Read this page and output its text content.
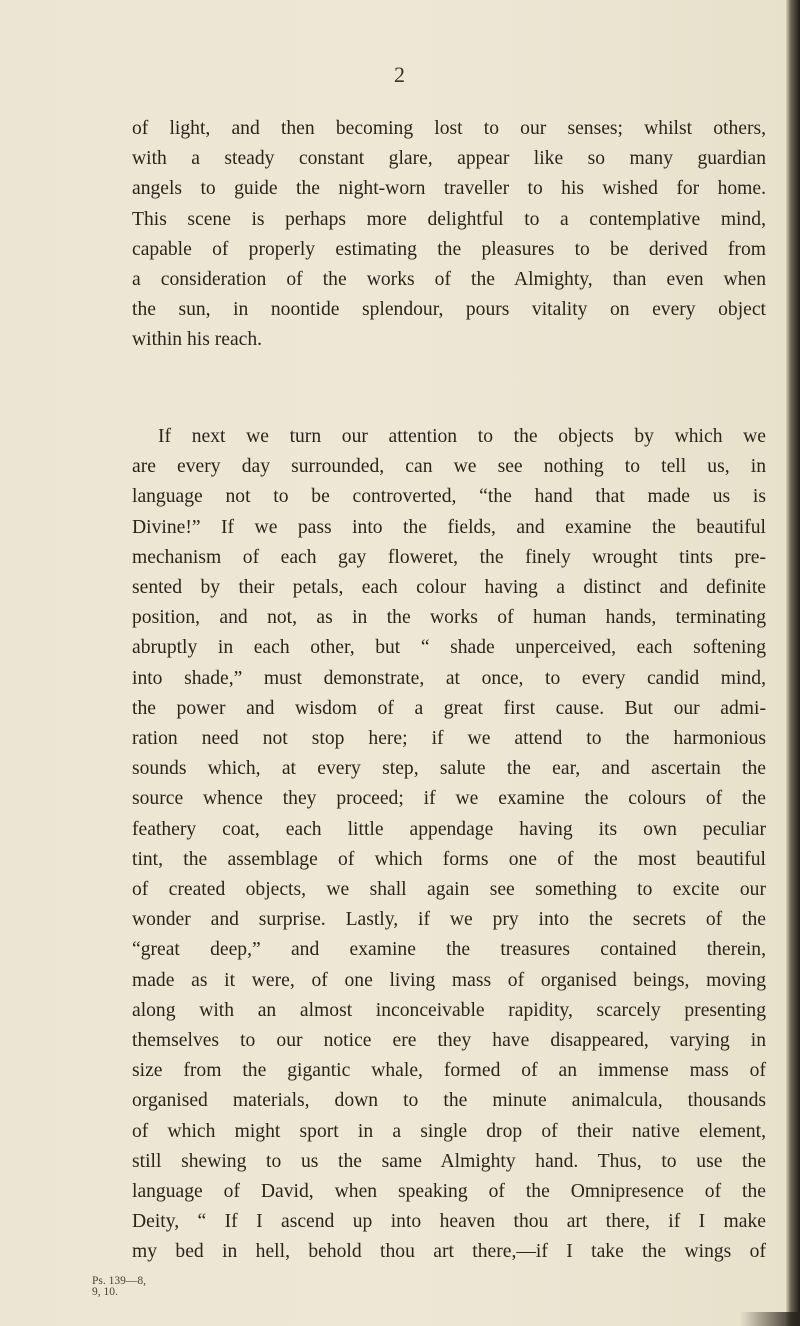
2
of light, and then becoming lost to our senses; whilst others,
with a steady constant glare, appear like so many guardian
angels to guide the night-worn traveller to his wished for home.
This scene is perhaps more delightful to a contemplative mind,
capable of properly estimating the pleasures to be derived from
a consideration of the works of the Almighty, than even when
the sun, in noontide splendour, pours vitality on every object
within his reach.
If next we turn our attention to the objects by which we
are every day surrounded, can we see nothing to tell us, in
language not to be controverted, “the hand that made us is
Divine!” If we pass into the fields, and examine the beautiful
mechanism of each gay floweret, the finely wrought tints pre-
sented by their petals, each colour having a distinct and definite
position, and not, as in the works of human hands, terminating
abruptly in each other, but “ shade unperceived, each softening
into shade,” must demonstrate, at once, to every candid mind,
the power and wisdom of a great first cause. But our admi-
ration need not stop here; if we attend to the harmonious
sounds which, at every step, salute the ear, and ascertain the
source whence they proceed; if we examine the colours of the
feathery coat, each little appendage having its own peculiar
tint, the assemblage of which forms one of the most beautiful
of created objects, we shall again see something to excite our
wonder and surprise. Lastly, if we pry into the secrets of the
“great deep,” and examine the treasures contained therein,
made as it were, of one living mass of organised beings, moving
along with an almost inconceivable rapidity, scarcely presenting
themselves to our notice ere they have disappeared, varying in
size from the gigantic whale, formed of an immense mass of
organised materials, down to the minute animalcula, thousands
of which might sport in a single drop of their native element,
still shewing to us the same Almighty hand. Thus, to use the
language of David, when speaking of the Omnipresence of the
Deity, “ If I ascend up into heaven thou art there, if I make
my bed in hell, behold thou art there,—if I take the wings of
Ps. 139—8,
9, 10.
